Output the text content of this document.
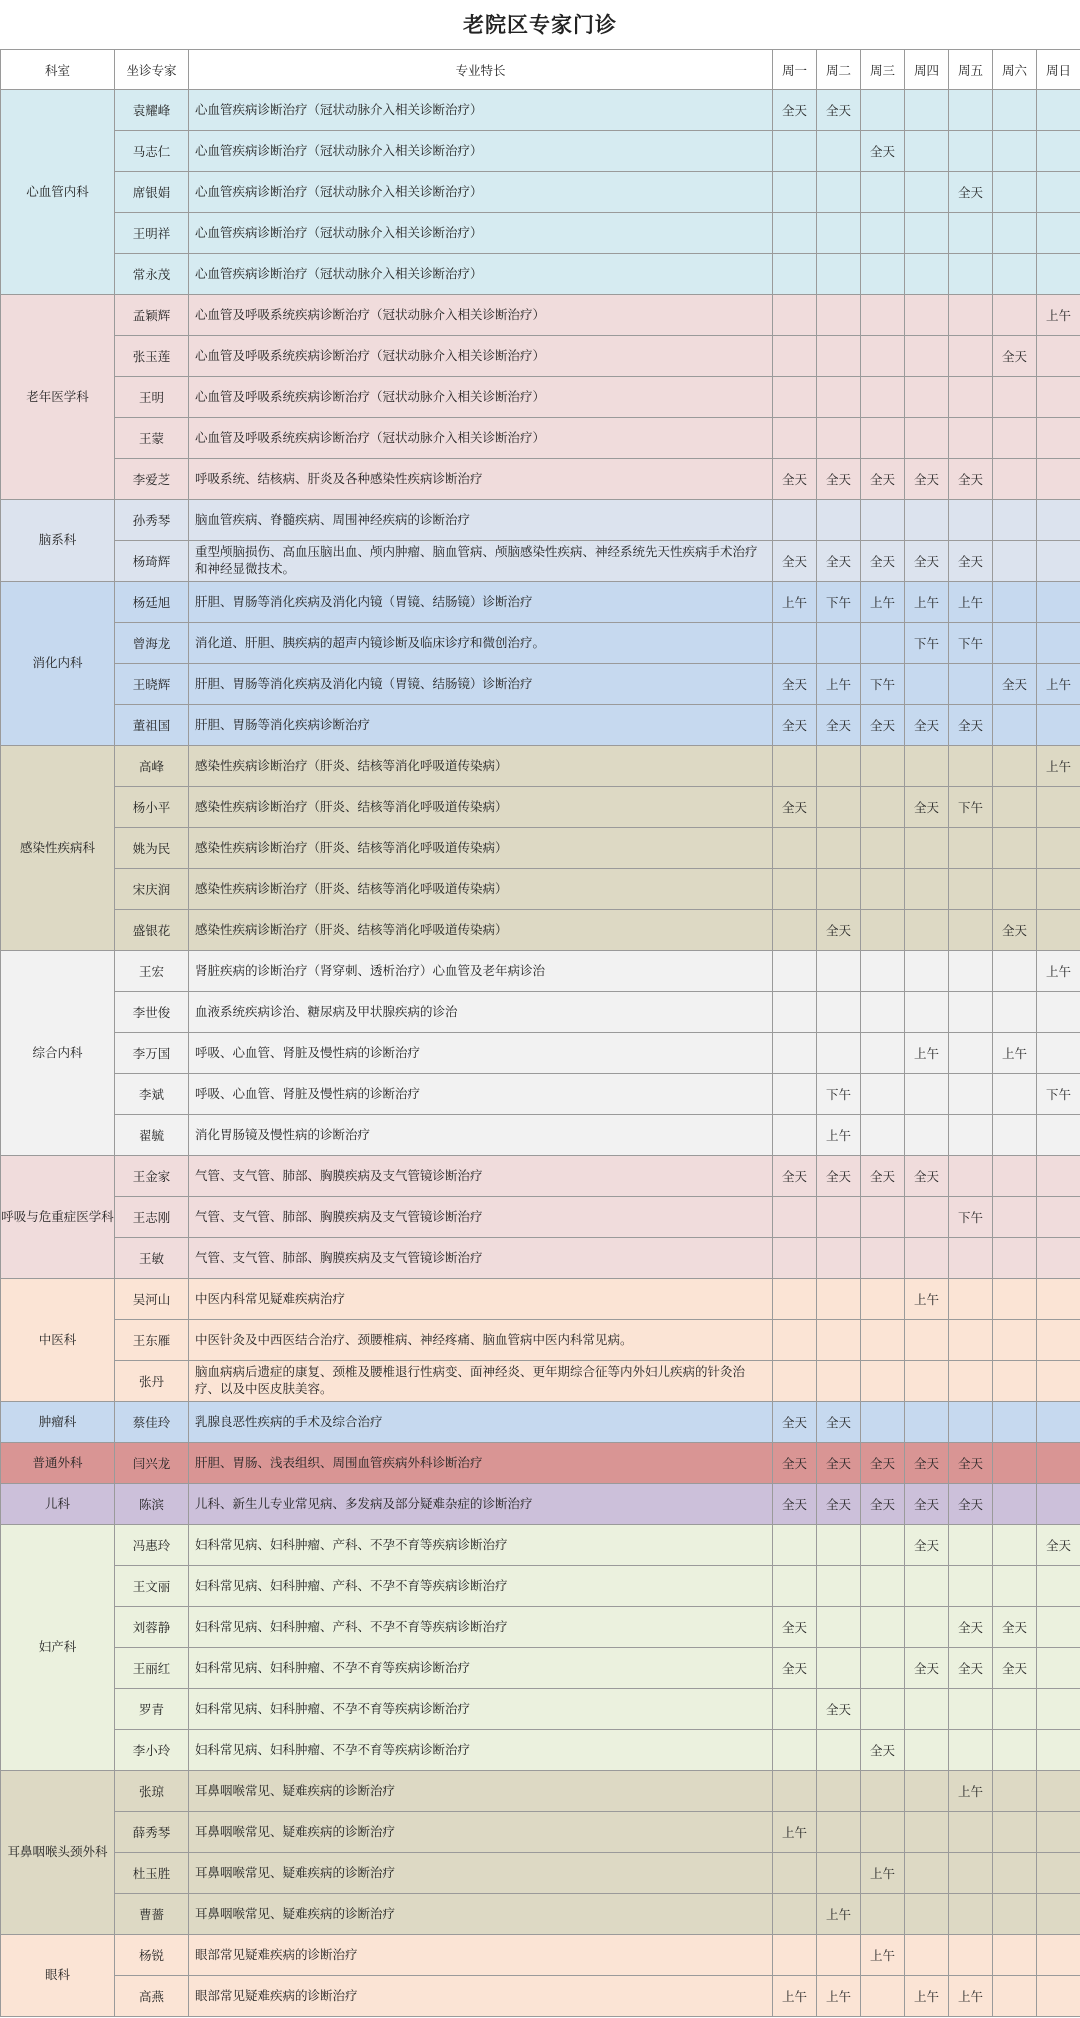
老院区专家门诊
科室	坐诊专家	专业特长	周一	周二	周三	周四	周五	周六	周日
心血管内科	袁耀峰	心血管疾病诊断治疗（冠状动脉介入相关诊断治疗）	全天	全天					
	马志仁	心血管疾病诊断治疗（冠状动脉介入相关诊断治疗）			全天				
	席银娟	心血管疾病诊断治疗（冠状动脉介入相关诊断治疗）					全天		
	王明祥	心血管疾病诊断治疗（冠状动脉介入相关诊断治疗）							
	常永茂	心血管疾病诊断治疗（冠状动脉介入相关诊断治疗）							
老年医学科	孟颖辉	心血管及呼吸系统疾病诊断治疗（冠状动脉介入相关诊断治疗）							上午
	张玉莲	心血管及呼吸系统疾病诊断治疗（冠状动脉介入相关诊断治疗）						全天	
	王明	心血管及呼吸系统疾病诊断治疗（冠状动脉介入相关诊断治疗）							
	王蒙	心血管及呼吸系统疾病诊断治疗（冠状动脉介入相关诊断治疗）							
	李爱芝	呼吸系统、结核病、肝炎及各种感染性疾病诊断治疗	全天	全天	全天	全天	全天		
脑系科	孙秀琴	脑血管疾病、脊髓疾病、周围神经疾病的诊断治疗							
	杨琦辉	重型颅脑损伤、高血压脑出血、颅内肿瘤、脑血管病、颅脑感染性疾病、神经系统先天性疾病手术治疗和神经显微技术。	全天	全天	全天	全天	全天		
消化内科	杨廷旭	肝胆、胃肠等消化疾病及消化内镜（胃镜、结肠镜）诊断治疗	上午	下午	上午	上午	上午		
	曾海龙	消化道、肝胆、胰疾病的超声内镜诊断及临床诊疗和微创治疗。				下午	下午		
	王晓辉	肝胆、胃肠等消化疾病及消化内镜（胃镜、结肠镜）诊断治疗	全天	上午	下午			全天	上午
	董祖国	肝胆、胃肠等消化疾病诊断治疗	全天	全天	全天	全天	全天		
感染性疾病科	高峰	感染性疾病诊断治疗（肝炎、结核等消化呼吸道传染病）							上午
	杨小平	感染性疾病诊断治疗（肝炎、结核等消化呼吸道传染病）	全天			全天	下午		
	姚为民	感染性疾病诊断治疗（肝炎、结核等消化呼吸道传染病）							
	宋庆润	感染性疾病诊断治疗（肝炎、结核等消化呼吸道传染病）							
	盛银花	感染性疾病诊断治疗（肝炎、结核等消化呼吸道传染病）		全天				全天	
综合内科	王宏	肾脏疾病的诊断治疗（肾穿刺、透析治疗）心血管及老年病诊治							上午
	李世俊	血液系统疾病诊治、糖尿病及甲状腺疾病的诊治							
	李万国	呼吸、心血管、肾脏及慢性病的诊断治疗				上午		上午	
	李斌	呼吸、心血管、肾脏及慢性病的诊断治疗		下午					下午
	翟毓	消化胃肠镜及慢性病的诊断治疗		上午					
呼吸与危重症医学科	王金家	气管、支气管、肺部、胸膜疾病及支气管镜诊断治疗	全天	全天	全天	全天			
	王志刚	气管、支气管、肺部、胸膜疾病及支气管镜诊断治疗					下午		
	王敏	气管、支气管、肺部、胸膜疾病及支气管镜诊断治疗							
中医科	吴河山	中医内科常见疑难疾病治疗				上午			
	王东雁	中医针灸及中西医结合治疗、颈腰椎病、神经疼痛、脑血管病中医内科常见病。							
	张丹	脑血病病后遗症的康复、颈椎及腰椎退行性病变、面神经炎、更年期综合征等内外妇儿疾病的针灸治疗、以及中医皮肤美容。							
肿瘤科	蔡佳玲	乳腺良恶性疾病的手术及综合治疗	全天	全天					
普通外科	闫兴龙	肝胆、胃肠、浅表组织、周围血管疾病外科诊断治疗	全天	全天	全天	全天	全天		
儿科	陈滨	儿科、新生儿专业常见病、多发病及部分疑难杂症的诊断治疗	全天	全天	全天	全天	全天		
妇产科	冯惠玲	妇科常见病、妇科肿瘤、产科、不孕不育等疾病诊断治疗				全天			全天
	王文丽	妇科常见病、妇科肿瘤、产科、不孕不育等疾病诊断治疗							
	刘蓉静	妇科常见病、妇科肿瘤、产科、不孕不育等疾病诊断治疗	全天				全天	全天	
	王丽红	妇科常见病、妇科肿瘤、不孕不育等疾病诊断治疗	全天			全天	全天	全天	
	罗青	妇科常见病、妇科肿瘤、不孕不育等疾病诊断治疗		全天					
	李小玲	妇科常见病、妇科肿瘤、不孕不育等疾病诊断治疗			全天				
耳鼻咽喉头颈外科	张琼	耳鼻咽喉常见、疑难疾病的诊断治疗					上午		
	薛秀琴	耳鼻咽喉常见、疑难疾病的诊断治疗	上午						
	杜玉胜	耳鼻咽喉常见、疑难疾病的诊断治疗			上午				
	曹薔	耳鼻咽喉常见、疑难疾病的诊断治疗		上午					
眼科	杨锐	眼部常见疑难疾病的诊断治疗			上午				
	高燕	眼部常见疑难疾病的诊断治疗	上午	上午		上午	上午		
